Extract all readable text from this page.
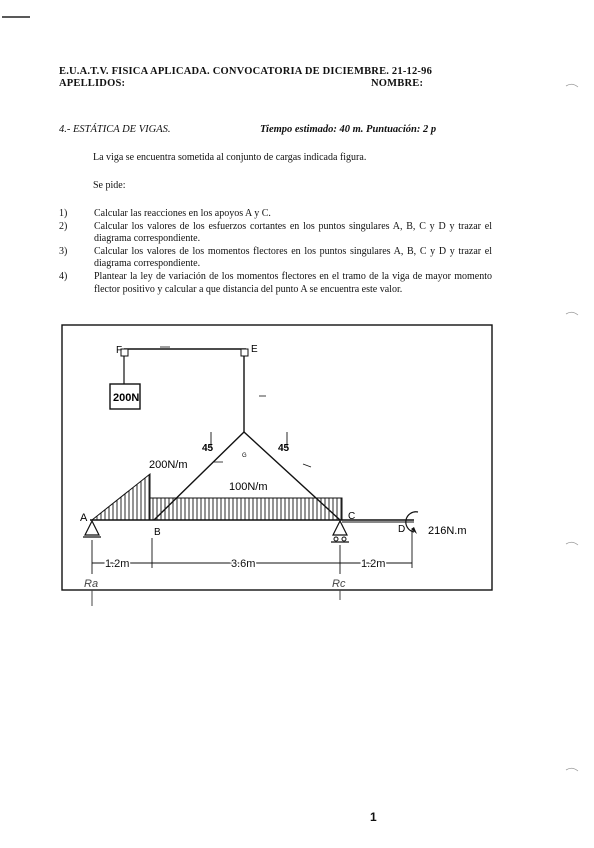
E.U.A.T.V. FISICA APLICADA. CONVOCATORIA DE DICIEMBRE. 21-12-96
APELLIDOS:	NOMBRE:
4.- ESTÁTICA DE VIGAS.	Tiempo estimado: 40 m. Puntuación: 2 p
La viga se encuentra sometida al conjunto de cargas indicada figura.
Se pide:
1)	Calcular las reacciones en los apoyos A y C.
2)	Calcular los valores de los esfuerzos cortantes en los puntos singulares A, B, C y D y trazar el diagrama correspondiente.
3)	Calcular los valores de los momentos flectores en los puntos singulares A, B, C y D y trazar el diagrama correspondiente.
4)	Plantear la ley de variación de los momentos flectores en el tramo de la viga de mayor momento flector positivo y calcular a que distancia del punto A se encuentra este valor.
200N
F	E
G
45	45
200N/m
100N/m
A
B
C
D 216N.m
1.2m	3.6m	1.2m
Ra	Rc
1
